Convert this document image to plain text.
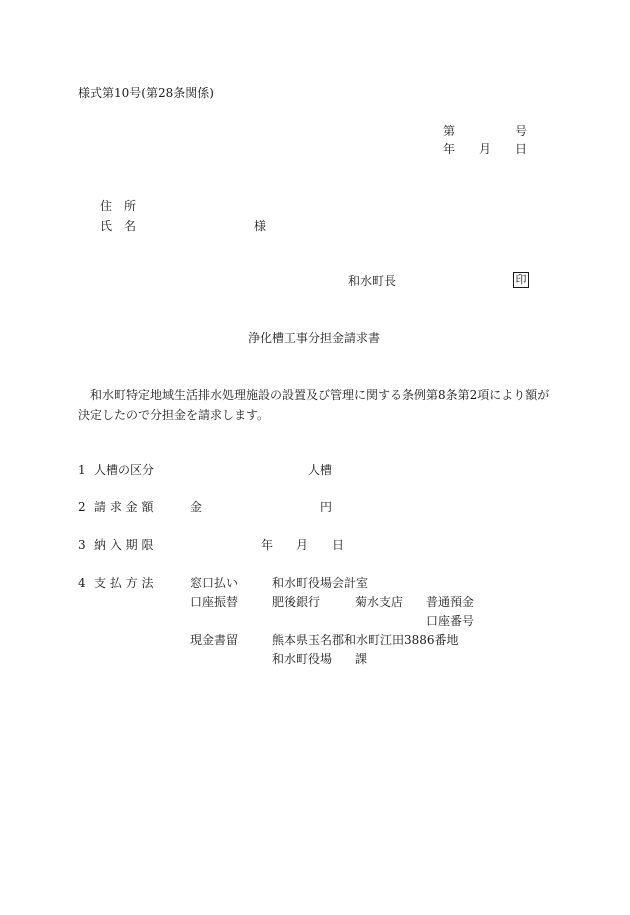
様式第10号(第28条関係)
第	号
年 月 日
住　所
氏　名	様
和水町長	印
浄化槽工事分担金請求書
和水町特定地域生活排水処理施設の設置及び管理に関する条例第8条第2項により額が決定したので分担金を請求します。
1 人槽の区分	人槽
2 請 求 金 額	金	円
3 納 入 期 限	年 月 日
4 支 払 方 法	窓口払い	和水町役場会計室
口座振替	肥後銀行	菊水支店 普通預金
口座番号
現金書留	熊本県玉名郡和水町江田3886番地
和水町役場 課
